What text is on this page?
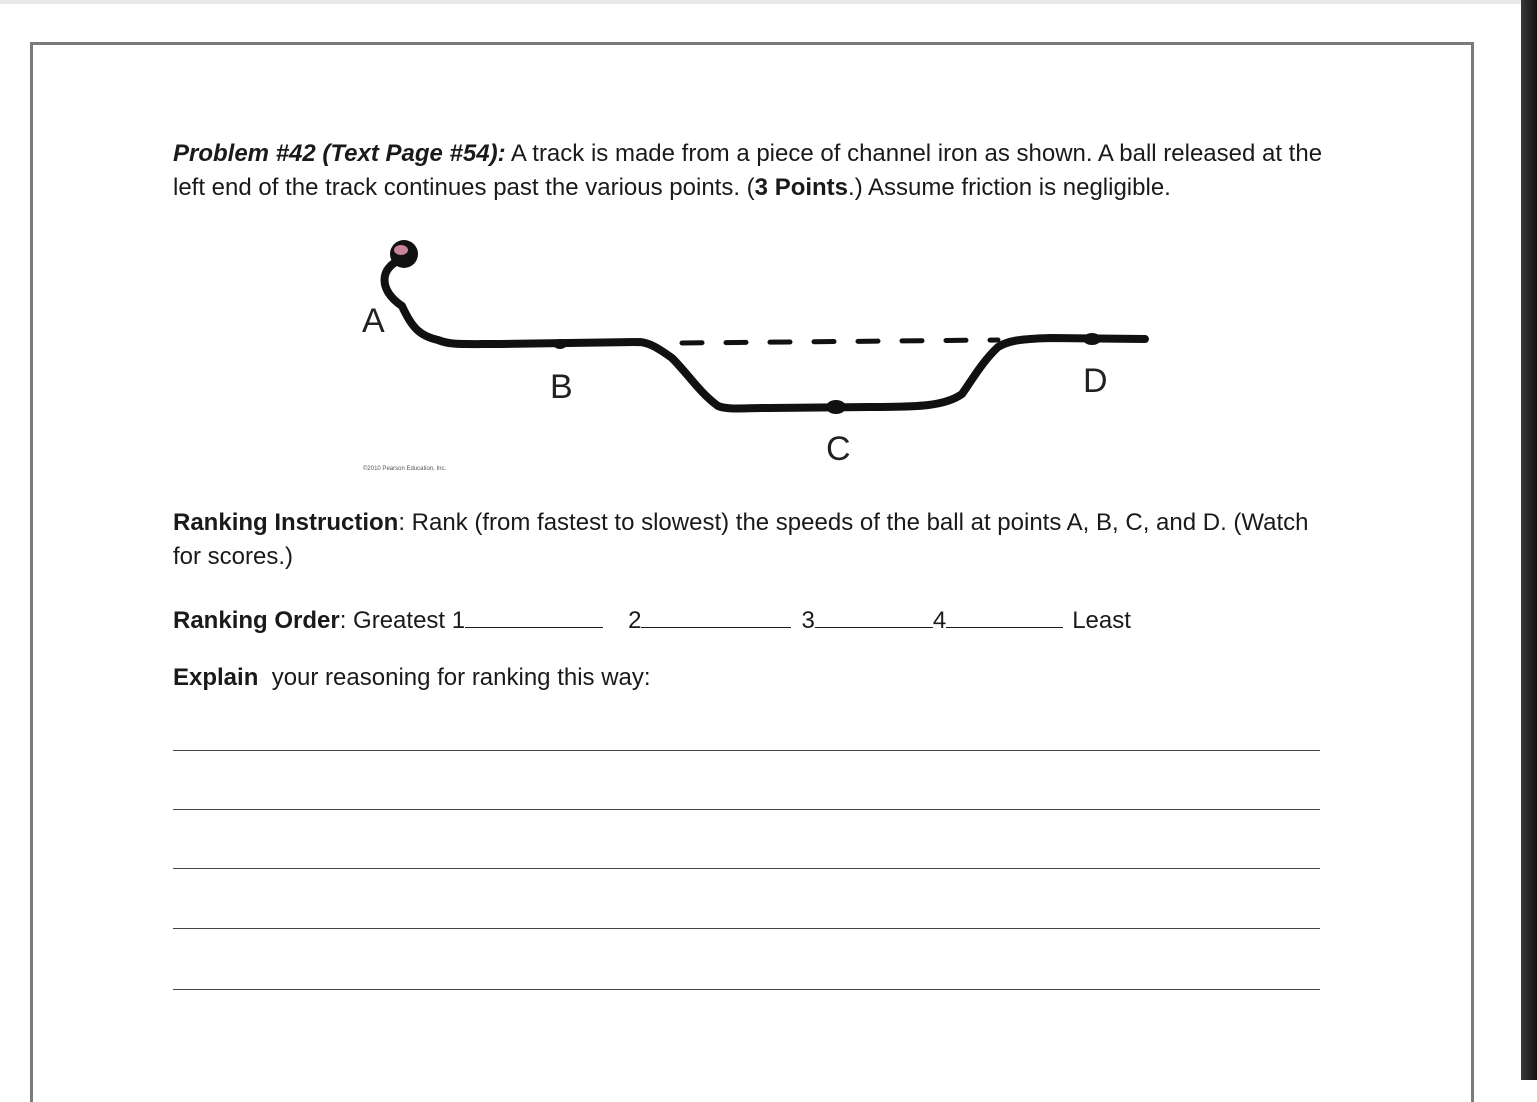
Problem #42 (Text Page #54): A track is made from a piece of channel iron as shown. A ball released at the left end of the track continues past the various points. (3 Points.) Assume friction is negligible.
A
B
C
D
©2010 Pearson Education, Inc.
Ranking Instruction: Rank (from fastest to slowest) the speeds of the ball at points A, B, C, and D. (Watch for scores.)
Ranking Order: Greatest 1	2	3	4	Least
Explain your reasoning for ranking this way:
